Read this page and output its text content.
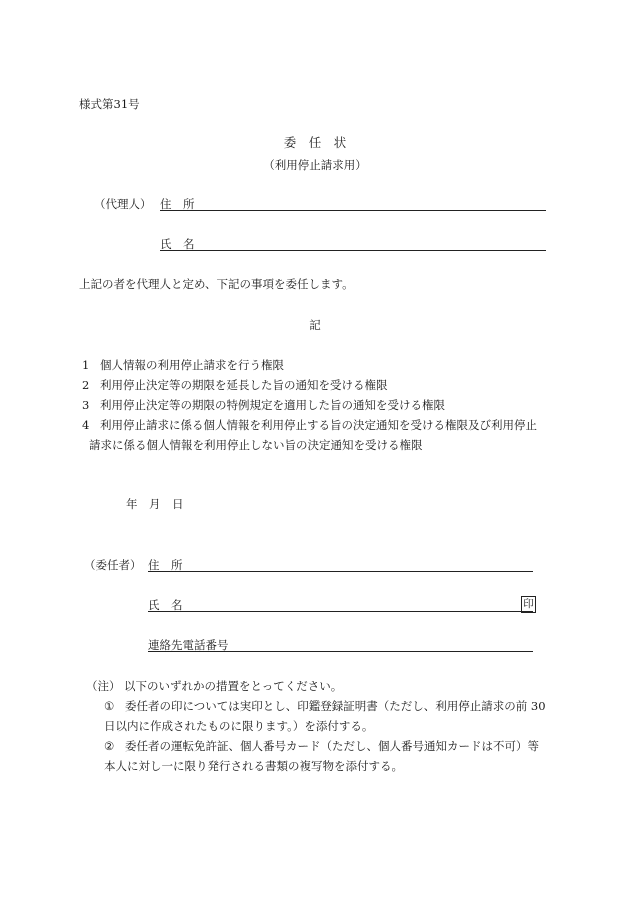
様式第31号
委　任　状
（利用停止請求用）
（代理人） 住　所
氏　名
上記の者を代理人と定め、下記の事項を委任します。
記
1 個人情報の利用停止請求を行う権限
2 利用停止決定等の期限を延長した旨の通知を受ける権限
3 利用停止決定等の期限の特例規定を適用した旨の通知を受ける権限
4 利用停止請求に係る個人情報を利用停止する旨の決定通知を受ける権限及び利用停止
請求に係る個人情報を利用停止しない旨の決定通知を受ける権限
年　月　日
（委任者） 住　所
氏　名	印
連絡先電話番号
（注） 以下のいずれかの措置をとってください。
① 委任者の印については実印とし、印鑑登録証明書（ただし、利用停止請求の前 30
日以内に作成されたものに限ります。）を添付する。
② 委任者の運転免許証、個人番号カード（ただし、個人番号通知カードは不可）等
本人に対し一に限り発行される書類の複写物を添付する。
